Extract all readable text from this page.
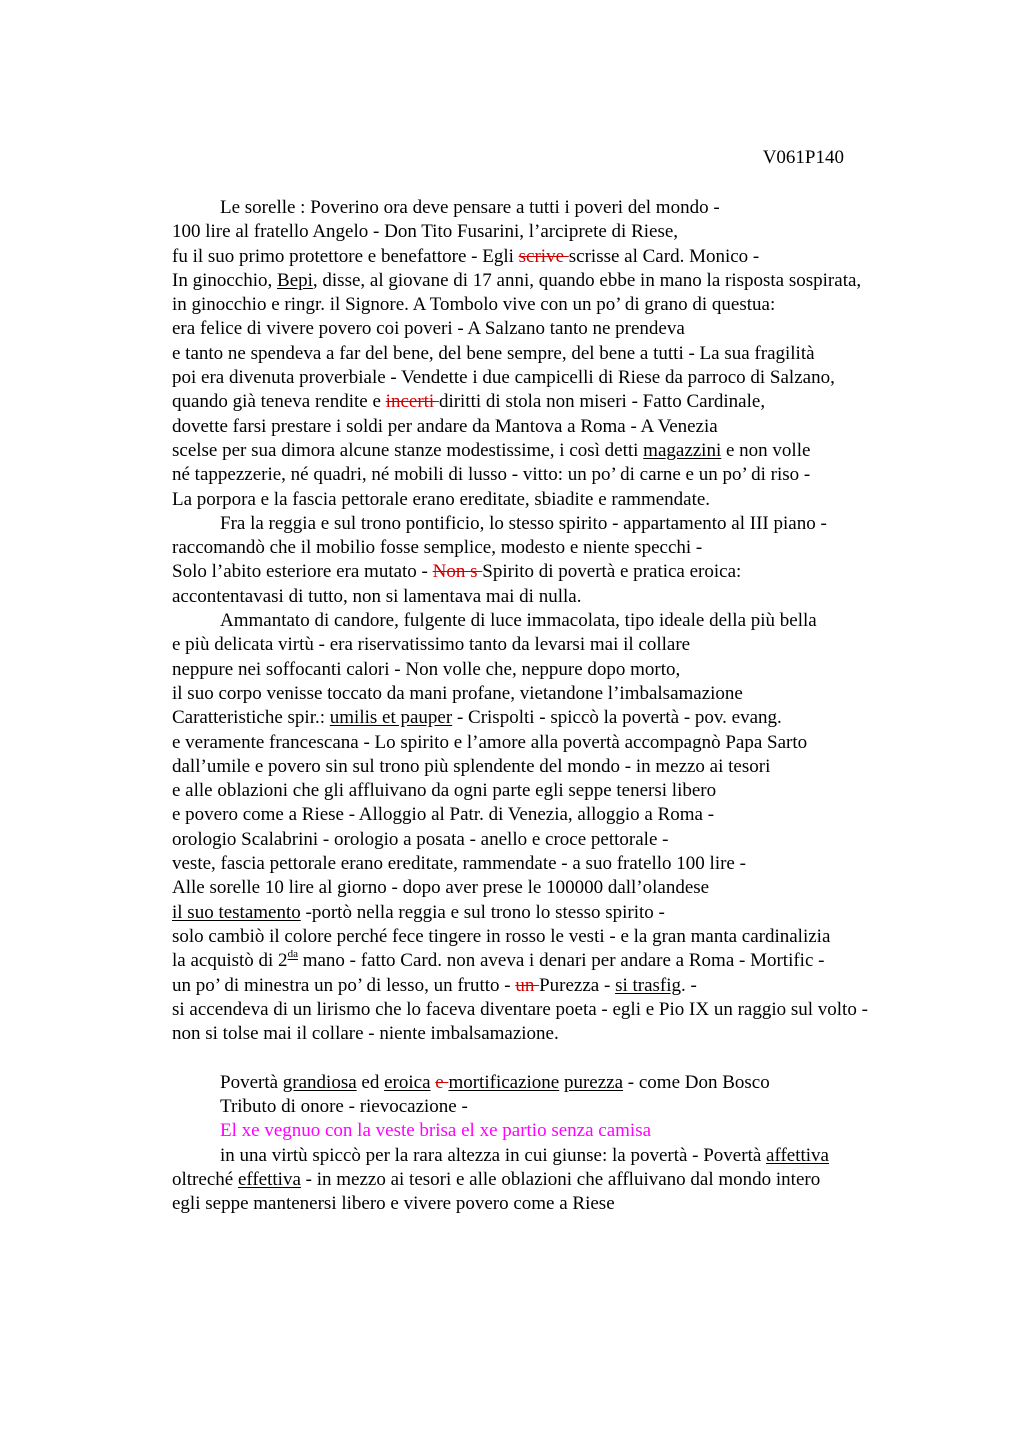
V061P140
Le sorelle : Poverino ora deve pensare a tutti i poveri del mondo -
100 lire al fratello Angelo - Don Tito Fusarini, l’arciprete di Riese,
fu il suo primo protettore e benefattore - Egli scrive scrisse al Card. Monico -
In ginocchio, Bepi, disse, al giovane di 17 anni, quando ebbe in mano la risposta sospirata,
in ginocchio e ringr. il Signore. A Tombolo vive con un po’ di grano di questua:
era felice di vivere povero coi poveri - A Salzano tanto ne prendeva
e tanto ne spendeva a far del bene, del bene sempre, del bene a tutti - La sua fragilità
poi era divenuta proverbiale - Vendette i due campicelli di Riese da parroco di Salzano,
quando già teneva rendite e incerti diritti di stola non miseri - Fatto Cardinale,
dovette farsi prestare i soldi per andare da Mantova a Roma - A Venezia
scelse per sua dimora alcune stanze modestissime, i così detti magazzini e non volle
né tappezzerie, né quadri, né mobili di lusso - vitto: un po’ di carne e un po’ di riso -
La porpora e la fascia pettorale erano ereditate, sbiadite e rammendate.
Fra la reggia e sul trono pontificio, lo stesso spirito - appartamento al III piano -
raccomandò che il mobilio fosse semplice, modesto e niente specchi -
Solo l’abito esteriore era mutato - Non s Spirito di povertà e pratica eroica:
accontentavasi di tutto, non si lamentava mai di nulla.
Ammantato di candore, fulgente di luce immacolata, tipo ideale della più bella
e più delicata virtù - era riservatissimo tanto da levarsi mai il collare
neppure nei soffocanti calori - Non volle che, neppure dopo morto,
il suo corpo venisse toccato da mani profane, vietandone l’imbalsamazione
Caratteristiche spir.: umilis et pauper - Crispolti - spiccò la povertà - pov. evang.
e veramente francescana - Lo spirito e l’amore alla povertà accompagnò Papa Sarto
dall’umile e povero sin sul trono più splendente del mondo - in mezzo ai tesori
e alle oblazioni che gli affluivano da ogni parte egli seppe tenersi libero
e povero come a Riese - Alloggio al Patr. di Venezia, alloggio a Roma -
orologio Scalabrini - orologio a posata - anello e croce pettorale -
veste, fascia pettorale erano ereditate, rammendate - a suo fratello 100 lire -
Alle sorelle 10 lire al giorno - dopo aver prese le 100000 dall’olandese
il suo testamento -portò nella reggia e sul trono lo stesso spirito -
solo cambiò il colore perché fece tingere in rosso le vesti - e la gran manta cardinalizia
la acquistò di $2^{da}$ mano - fatto Card. non aveva i denari per andare a Roma - Mortific -
un po’ di minestra un po’ di lesso, un frutto - un Purezza - si trasfig. -
si accendeva di un lirismo che lo faceva diventare poeta - egli e Pio IX un raggio sul volto -
non si tolse mai il collare - niente imbalsamazione.
Povertà grandiosa ed eroica e mortificazione purezza - come Don Bosco
Tributo di onore - rievocazione -
El xe vegnuo con la veste brisa el xe partio senza camisa
in una virtù spiccò per la rara altezza in cui giunse: la povertà - Povertà affettiva
oltreché effettiva - in mezzo ai tesori e alle oblazioni che affluivano dal mondo intero
egli seppe mantenersi libero e vivere povero come a Riese
